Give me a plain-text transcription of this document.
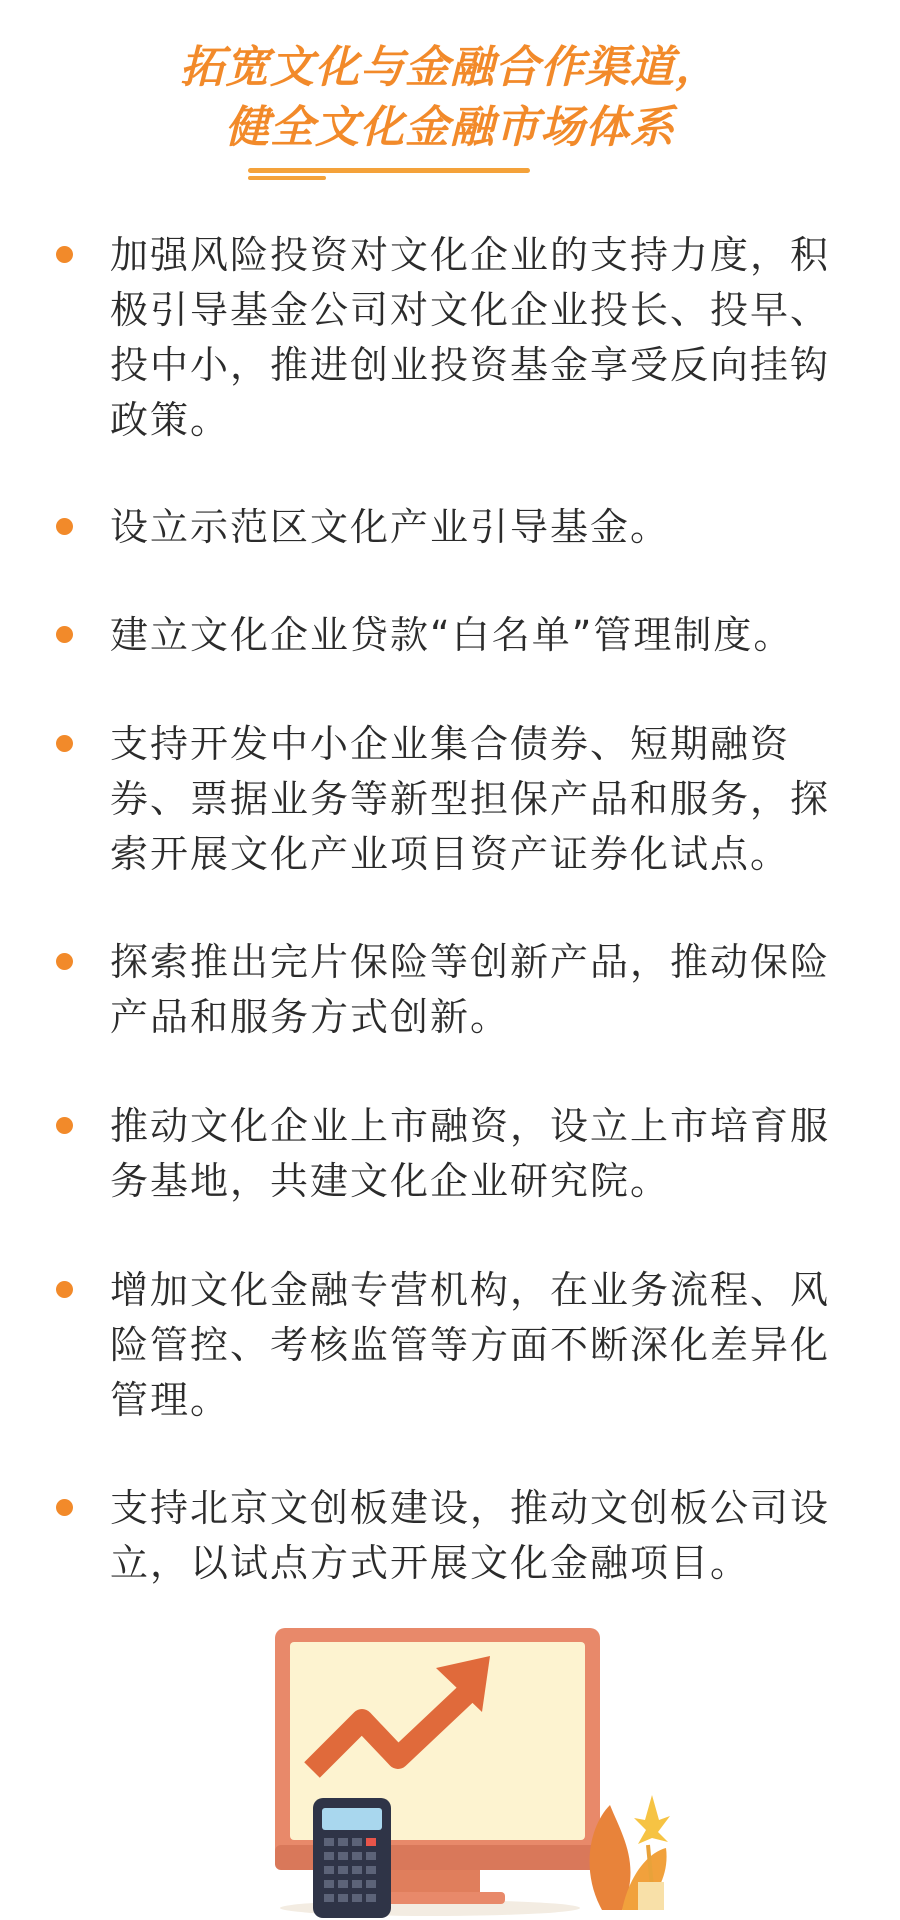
拓宽文化与金融合作渠道，
健全文化金融市场体系
加强风险投资对文化企业的支持力度，积极引导基金公司对文化企业投长、投早、投中小，推进创业投资基金享受反向挂钩政策。
设立示范区文化产业引导基金。
建立文化企业贷款“白名单”管理制度。
支持开发中小企业集合债券、短期融资券、票据业务等新型担保产品和服务，探索开展文化产业项目资产证券化试点。
探索推出完片保险等创新产品，推动保险产品和服务方式创新。
推动文化企业上市融资，设立上市培育服务基地，共建文化企业研究院。
增加文化金融专营机构，在业务流程、风险管控、考核监管等方面不断深化差异化管理。
支持北京文创板建设，推动文创板公司设立，以试点方式开展文化金融项目。
